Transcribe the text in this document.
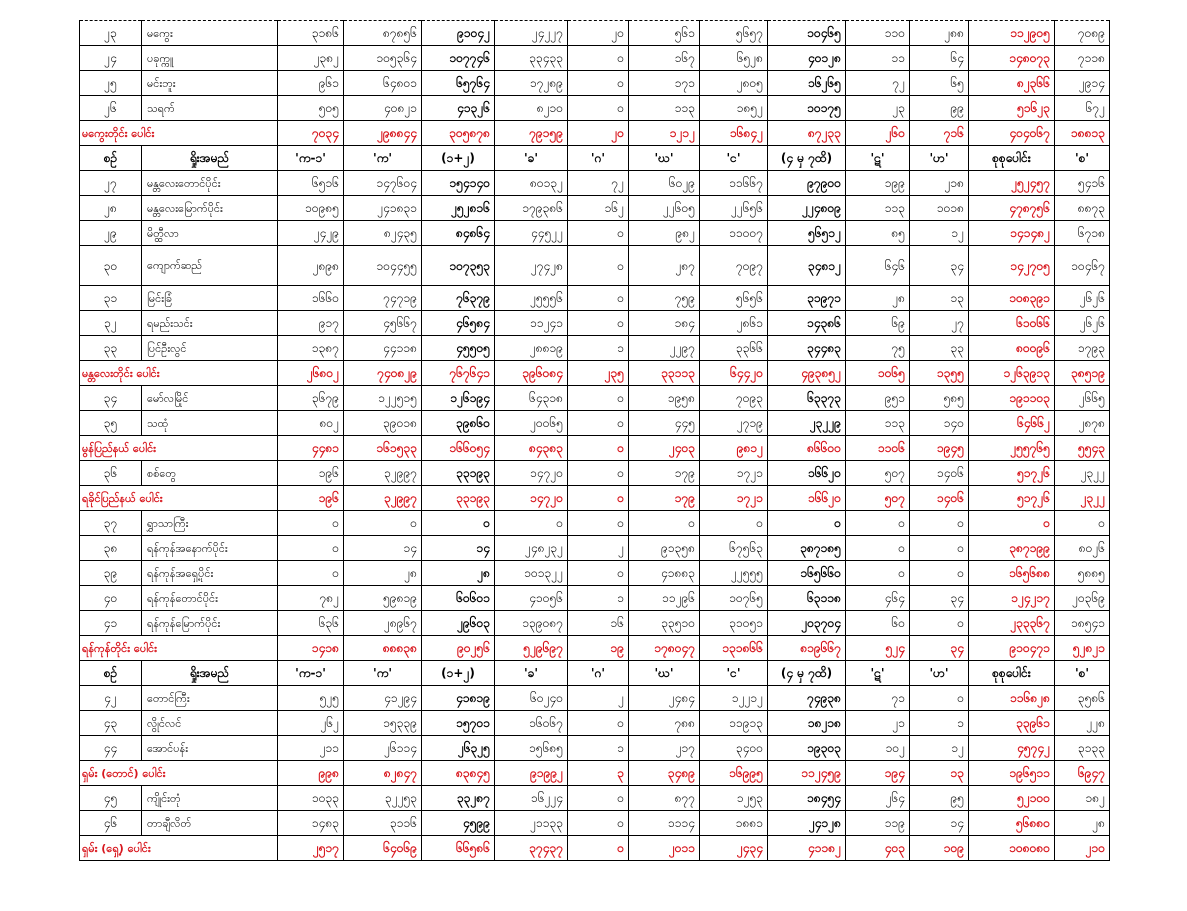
၂၃	မကွေး	၃၁၈၆	၈၇၈၅၆	၉၁၀၄၂	၂၄၂၂၇	၂၀	၅၆၁	၅၆၅၇	၁၀၄၆၅	၁၁၀	၂၈၈	၁၁၂၉၀၅	၇၀၈၉
၂၄	ပခုက္ကူ	၂၃၈၂	၁၀၅၃၆၄	၁၀၇၇၄၆	၃၃၄၃၃	၀	၁၆၇	၆၅၂၈	၄၀၁၂၈	၁၁	၆၄	၁၄၈၀၇၃	၇၁၁၈
၂၅	မင်းဘူး	၉၆၁	၆၄၈၀၁	၆၅၇၆၄	၁၇၂၈၉	၀	၁၇၁	၂၈၀၅	၁၆၂၆၅	၇၂	၆၅	၈၂၃၆၆	၂၉၁၄
၂၆	သရက်	၅၀၅	၄၀၈၂၁	၄၁၃၂၆	၈၂၁၀	၀	၁၁၃	၁၈၅၂	၁၀၁၇၅	၂၃	၉၉	၅၁၆၂၃	၆၇၂
မကွေးတိုင်း ပေါင်း		၇၀၃၄	၂၉၈၈၄၄	၃၀၅၈၇၈	၇၉၁၅၉	၂၀	၁၂၁၂	၁၆၈၄၂	၈၇၂၃၃	၂၆၀	၇၁၆	၄၀၄၀၆၇	၁၈၈၁၃
စဉ်	ရှိုးအမည်	'က-၁'	'က'	(၁+၂)	'ခ'	'ဂ'	'ဃ'	'င'	(၄ မှ ၇ထိ)	'ဋ'	'ဟ'	စုစုပေါင်း	'စ'
၂၇	မန္တလေးတောင်ပိုင်း	၆၅၁၆	၁၄၇၆၀၄	၁၅၄၁၄၀	၈၀၁၃၂	၇၂	၆၀၂၉	၁၁၆၆၇	၉၇၉၀၀	၁၉၉	၂၁၈	၂၅၂၄၅၇	၅၄၁၆
၂၈	မန္တလေးမြောက်ပိုင်း	၁၀၉၈၅	၂၄၁၈၃၁	၂၅၂၈၁၆	၁၇၉၃၈၆	၁၆၂	၂၂၆၀၅	၂၂၆၅၆	၂၂၄၈၀၉	၁၁၃	၁၀၁၈	၄၇၈၇၅၆	၈၈၇၃
၂၉	မိတ္ထီလာ	၂၄၂၉	၈၂၄၃၅	၈၄၈၆၄	၄၄၅၂၂	၀	၉၈၂	၁၁၀၀၇	၅၆၅၁၂	၈၅	၁၂	၁၄၁၄၈၂	၆၇၁၈
၃၀	ကျောက်ဆည်	၂၈၉၈	၁၀၄၄၅၅	၁၀၇၃၅၃	၂၇၄၂၈	၀	၂၈၇	၇၀၉၇	၃၄၈၁၂	၆၄၆	၃၄	၁၄၂၇၀၅	၁၀၄၆၇
၃၁	မြင်းခြံ	၁၆၆၀	၇၄၇၁၉	၇၆၃၇၉	၂၅၅၅၆	၀	၇၅၉	၅၆၅၆	၃၁၉၇၁	၂၈	၁၃	၁၀၈၃၉၁	၂၆၂၆
၃၂	ရမည်းသင်း	၉၁၇	၄၅၆၆၇	၄၆၅၈၄	၁၁၂၄၁	၀	၁၈၄	၂၈၆၁	၁၄၃၈၆	၆၉	၂၇	၆၁၀၆၆	၂၆၂၆
၃၃	ပြင်ဦးလွင်	၁၃၈၇	၄၄၁၁၈	၄၅၅၀၅	၂၈၈၁၉	၁	၂၂၉၇	၃၃၆၆	၃၄၄၈၃	၇၅	၃၃	၈၀၀၉၆	၁၇၉၃
မန္တလေးတိုင်း ပေါင်း		၂၆၈၀၂	၇၄၀၈၂၉	၇၆၇၆၄၁	၃၉၆၀၈၄	၂၃၅	၃၃၁၁၃	၆၄၄၂၀	၄၉၃၈၅၂	၁၀၆၅	၁၃၅၅	၁၂၆၃၉၁၃	၃၈၅၁၉
၃၄	မော်လမြိုင်	၃၆၇၉	၁၂၂၅၁၅	၁၂၆၁၉၄	၆၄၃၁၈	၀	၁၉၅၈	၇၀၉၃	၆၃၃၇၃	၉၅၁	၅၈၅	၁၉၁၁၀၃	၂၆၆၅
၃၅	သထုံ	၈၀၂	၃၉၀၁၈	၃၉၈၆၀	၂၀၀၆၅	၀	၄၄၅	၂၇၁၉	၂၃၂၂၉	၁၁၃	၁၄၀	၆၄၆၆၂	၂၈၇၈
မွန်ပြည်နယ် ပေါင်း		၄၄၈၁	၁၆၁၅၃၃	၁၆၆၀၅၄	၈၄၃၈၃	၀	၂၄၀၃	၉၈၁၂	၈၆၆၀၀	၁၁၀၆	၁၉၄၅	၂၅၅၇၆၅	၅၅၄၃
၃၆	စစ်တွေ	၁၉၆	၃၂၉၉၇	၃၃၁၉၃	၁၄၇၂၀	၀	၁၇၉	၁၇၂၁	၁၆၆၂၀	၅၀၇	၁၄၀၆	၅၁၇၂၆	၂၃၂၂
ရခိုင်ပြည်နယ် ပေါင်း		၁၉၆	၃၂၉၉၇	၃၃၁၉၃	၁၄၇၂၀	၀	၁၇၉	၁၇၂၁	၁၆၆၂၀	၅၀၇	၁၄၀၆	၅၁၇၂၆	၂၃၂၂
၃၇	ရွှာသာကြီး	၀	၀	၀	၀	၀	၀	၀	၀	၀	၀	၀	၀
၃၈	ရန်ကုန်အနောက်ပိုင်း	၀	၁၄	၁၄	၂၄၈၂၃၂	၂	၉၁၃၅၈	၆၇၅၆၃	၃၈၇၁၈၅	၀	၀	၃၈၇၁၉၉	၈၀၂၆
၃၉	ရန်ကုန်အရှေ့ပိုင်း	၀	၂၈	၂၈	၁၀၁၃၂၂	၀	၄၁၈၈၃	၂၂၅၅၅	၁၆၅၆၆၀	၀	၀	၁၆၅၆၈၈	၅၈၈၅
၄၀	ရန်ကုန်တောင်ပိုင်း	၇၈၂	၅၉၈၁၉	၆၀၆၀၁	၄၁၀၅၆	၁	၁၁၂၉၆	၁၀၇၆၅	၆၃၁၁၈	၄၆၄	၃၄	၁၂၄၂၁၇	၂၀၃၆၉
၄၁	ရန်ကုန်မြောက်ပိုင်း	၆၃၆	၂၈၉၆၇	၂၉၆၀၃	၁၃၉၀၈၇	၁၆	၃၃၅၁၀	၃၁၀၅၁	၂၀၃၇၀၄	၆၀	၀	၂၃၃၃၆၇	၁၈၅၄၁
ရန်ကုန်တိုင်း ပေါင်း		၁၄၁၈	၈၈၈၃၈	၉၀၂၅၆	၅၂၉၆၉၇	၁၉	၁၇၈၀၄၇	၁၃၁၈၆၆	၈၁၉၆၆၇	၅၂၄	၃၄	၉၁၀၄၇၁	၅၂၈၂၁
စဉ်	ရှိုးအမည်	'က-၁'	'က'	(၁+၂)	'ခ'	'ဂ'	'ဃ'	'င'	(၄ မှ ၇ထိ)	'ဋ'	'ဟ'	စုစုပေါင်း	'စ'
၄၂	တောင်ကြီး	၅၂၅	၄၁၂၉၄	၄၁၈၁၉	၆၀၂၄၀	၂	၂၄၈၄	၁၂၂၁၂	၇၄၉၃၈	၇၁	၀	၁၁၆၈၂၈	၃၅၈၆
၄၃	လွိုင်လင်	၂၆၂	၁၅၃၃၉	၁၅၇၀၁	၁၆၀၆၇	၀	၇၈၈	၁၁၉၁၃	၁၈၂၁၈	၂၁	၁	၃၃၉၆၁	၂၂၈
၄၄	အောင်ပန်း	၂၁၁	၂၆၁၁၄	၂၆၃၂၅	၁၅၆၈၅	၁	၂၁၇	၃၄၀၀	၁၉၃၀၃	၁၀၂	၁၂	၄၅၇၄၂	၃၁၃၃
ရှမ်း (တောင်) ပေါင်း		၉၉၈	၈၂၈၄၇	၈၃၈၄၅	၉၁၉၉၂	၃	၃၄၈၉	၁၆၉၉၅	၁၁၂၄၅၉	၁၉၄	၁၃	၁၉၆၅၁၁	၆၉၄၇
၄၅	ကျိုင်းတုံ	၁၀၃၃	၃၂၂၅၃	၃၃၂၈၇	၁၆၂၂၄	၀	၈၇၇	၁၂၅၃	၁၈၄၅၄	၂၆၄	၉၅	၅၂၁၀၀	၁၈၂
၄၆	တာချီလိတ်	၁၄၈၃	၃၁၁၆	၄၅၉၉	၂၁၁၃၃	၀	၁၁၁၄	၁၈၈၁	၂၄၁၂၈	၁၁၉	၁၄	၅၆၈၈၀	၂၈
ရှမ်း (ရှေ့) ပေါင်း		၂၅၁၇	၆၄၀၆၉	၆၆၅၈၆	၃၇၄၃၇	၀	၂၀၁၁	၂၄၃၄	၄၁၁၈၂	၄၀၃	၁၀၉	၁၀၈၀၈၀	၂၁၀
